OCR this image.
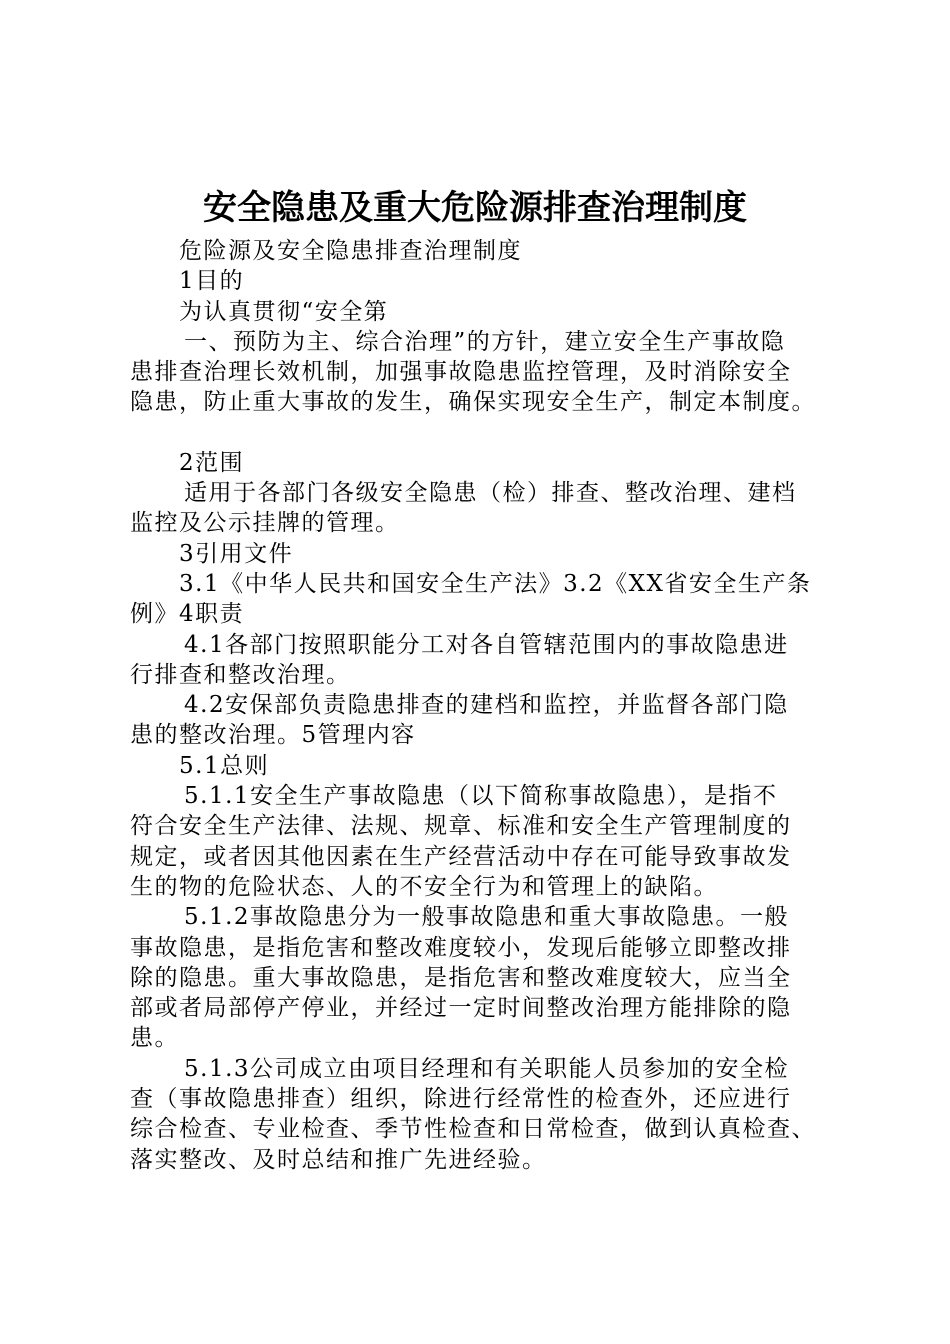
安全隐患及重大危险源排查治理制度

危险源及安全隐患排查治理制度

1目的

为认真贯彻“安全第

一、预防为主、综合治理”的方针，建立安全生产事故隐

患排查治理长效机制，加强事故隐患监控管理，及时消除安全

隐患，防止重大事故的发生，确保实现安全生产，制定本制度。

2范围

适用于各部门各级安全隐患（检）排查、整改治理、建档

监控及公示挂牌的管理。

3引用文件

3.1《中华人民共和国安全生产法》3.2《XX省安全生产条

例》4职责

4.1各部门按照职能分工对各自管辖范围内的事故隐患进

行排查和整改治理。

4.2安保部负责隐患排查的建档和监控，并监督各部门隐

患的整改治理。5管理内容

5.1总则

5.1.1安全生产事故隐患（以下简称事故隐患），是指不

符合安全生产法律、法规、规章、标准和安全生产管理制度的

规定，或者因其他因素在生产经营活动中存在可能导致事故发

生的物的危险状态、人的不安全行为和管理上的缺陷。

5.1.2事故隐患分为一般事故隐患和重大事故隐患。一般

事故隐患，是指危害和整改难度较小，发现后能够立即整改排

除的隐患。重大事故隐患，是指危害和整改难度较大，应当全

部或者局部停产停业，并经过一定时间整改治理方能排除的隐

患。

5.1.3公司成立由项目经理和有关职能人员参加的安全检

查（事故隐患排查）组织，除进行经常性的检查外，还应进行

综合检查、专业检查、季节性检查和日常检查，做到认真检查、

落实整改、及时总结和推广先进经验。
